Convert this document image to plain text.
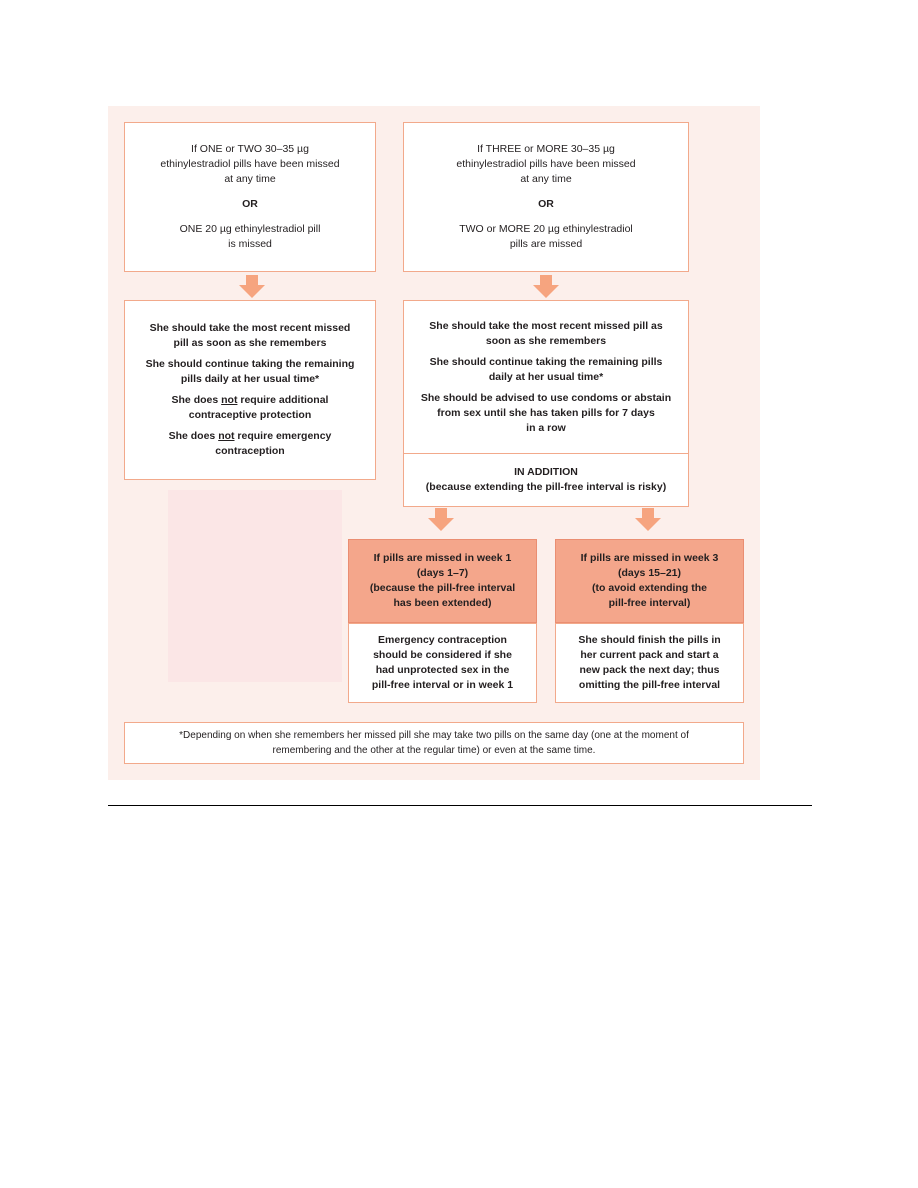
If ONE or TWO 30–35 µg
ethinylestradiol pills have been missed
at any time
OR
ONE 20 µg ethinylestradiol pill
is missed
If THREE or MORE 30–35 µg
ethinylestradiol pills have been missed
at any time
OR
TWO or MORE 20 µg ethinylestradiol
pills are missed
She should take the most recent missed
pill as soon as she remembers
She should continue taking the remaining
pills daily at her usual time*
She does not require additional
contraceptive protection
She does not require emergency
contraception
She should take the most recent missed pill as
soon as she remembers
She should continue taking the remaining pills
daily at her usual time*
She should be advised to use condoms or abstain
from sex until she has taken pills for 7 days
in a row
IN ADDITION
(because extending the pill-free interval is risky)
If pills are missed in week 1
(days 1–7)
(because the pill-free interval
has been extended)
Emergency contraception
should be considered if she
had unprotected sex in the
pill-free interval or in week 1
If pills are missed in week 3
(days 15–21)
(to avoid extending the
pill-free interval)
She should finish the pills in
her current pack and start a
new pack the next day; thus
omitting the pill-free interval
*Depending on when she remembers her missed pill she may take two pills on the same day (one at the moment of
remembering and the other at the regular time) or even at the same time.
